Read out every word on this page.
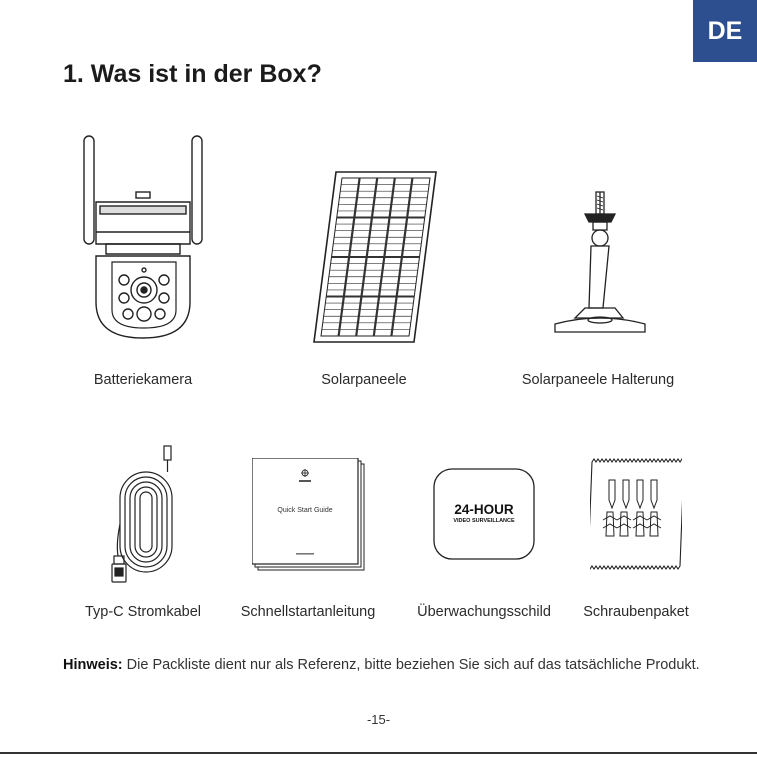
DE
1. Was ist in der Box?
Batteriekamera	Solarpaneele	Solarpaneele Halterung
Typ-C Stromkabel
Quick Start Guide
Schnellstartanleitung
24-HOUR
VIDEO SURVEILLANCE
Überwachungsschild Schraubenpaket
Hinweis: Die Packliste dient nur als Referenz, bitte beziehen Sie sich auf das tatsächliche Produkt.
-15-
